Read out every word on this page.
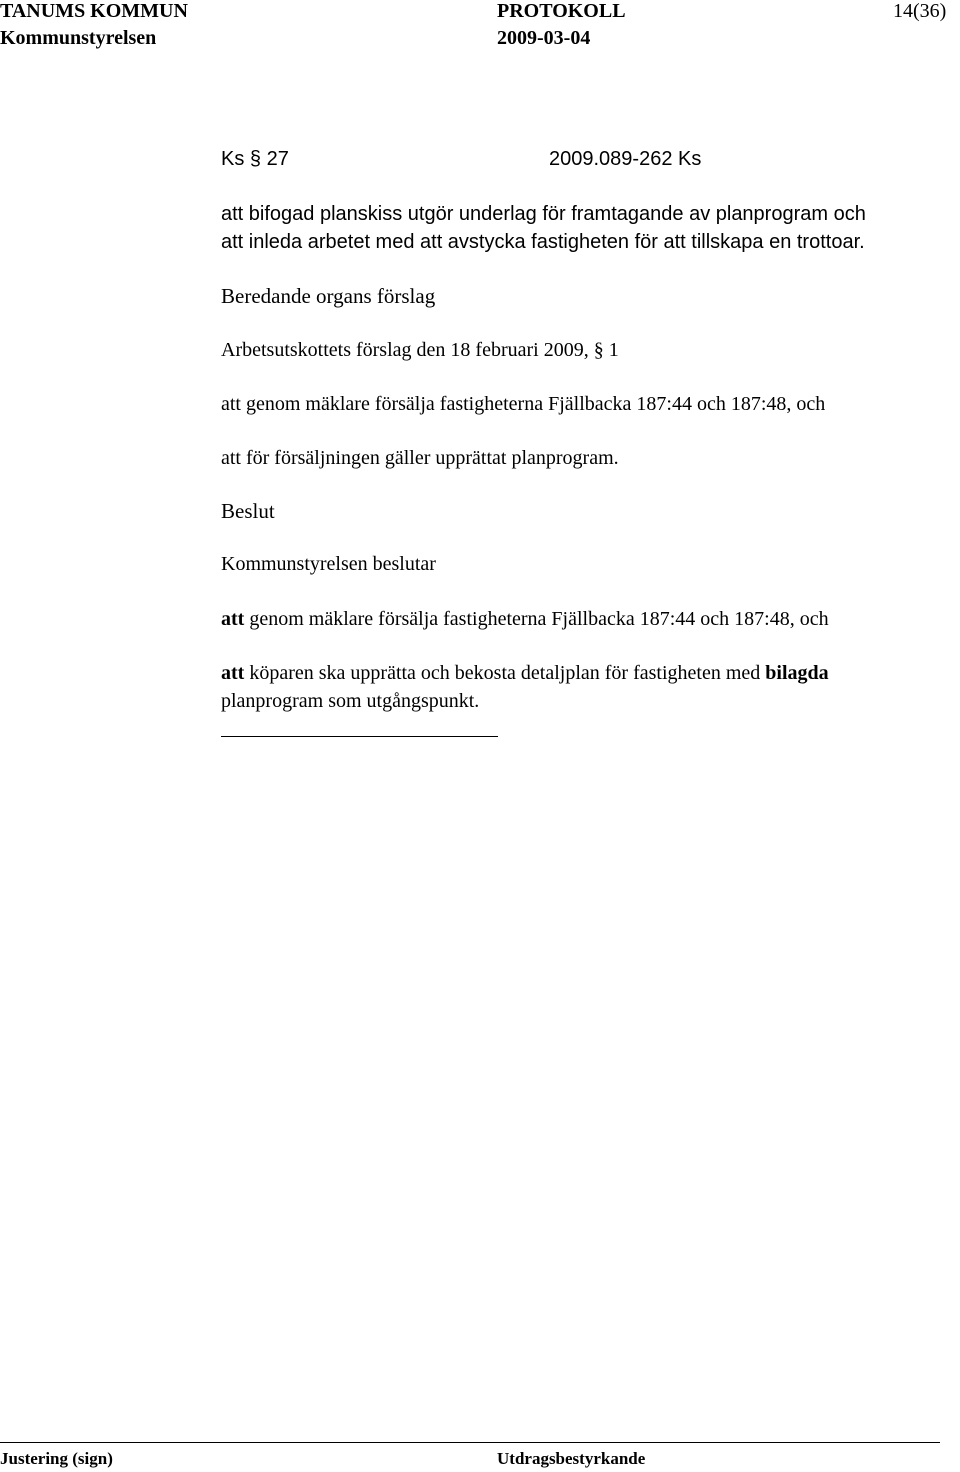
TANUMS KOMMUN	PROTOKOLL	14(36)
Kommunstyrelsen	2009-03-04
Ks § 27	2009.089-262 Ks
att bifogad planskiss utgör underlag för framtagande av planprogram och
att inleda arbetet med att avstycka fastigheten för att tillskapa en trottoar.
Beredande organs förslag
Arbetsutskottets förslag den 18 februari 2009, § 1
att genom mäklare försälja fastigheterna Fjällbacka 187:44 och 187:48, och
att för försäljningen gäller upprättat planprogram.
Beslut
Kommunstyrelsen beslutar
att genom mäklare försälja fastigheterna Fjällbacka 187:44 och 187:48, och
att köparen ska upprätta och bekosta detaljplan för fastigheten med bilagda
planprogram som utgångspunkt.
Justering (sign)	Utdragsbestyrkande
